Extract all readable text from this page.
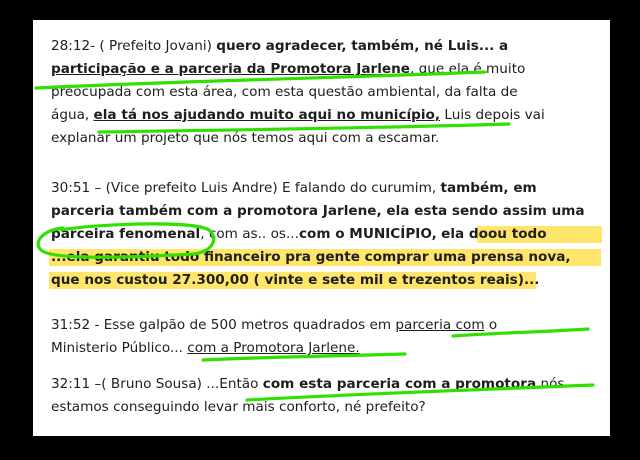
28:12- ( Prefeito Jovani) quero agradecer, também, né Luis... a
participação e a parceria da Promotora Jarlene, que ela é muito
preocupada com esta área, com esta questão ambiental, da falta de
água, ela tá nos ajudando muito aqui no município, Luis depois vai
explanar um projeto que nós temos aqui com a escamar.
30:51 – (Vice prefeito Luis Andre) E falando do curumim, também, em
parceria também com a promotora Jarlene, ela esta sendo assim uma
parceira fenomenal, com as.. os...com o MUNICÍPIO, ela doou todo
...ela garantiu todo financeiro pra gente comprar uma prensa nova,
que nos custou 27.300,00 ( vinte e sete mil e trezentos reais)...
31:52 - Esse galpão de 500 metros quadrados em parceria com o
Ministerio Público... com a Promotora Jarlene.
32:11 –( Bruno Sousa) ...Então com esta parceria com a promotora nós
estamos conseguindo levar mais conforto, né prefeito?
